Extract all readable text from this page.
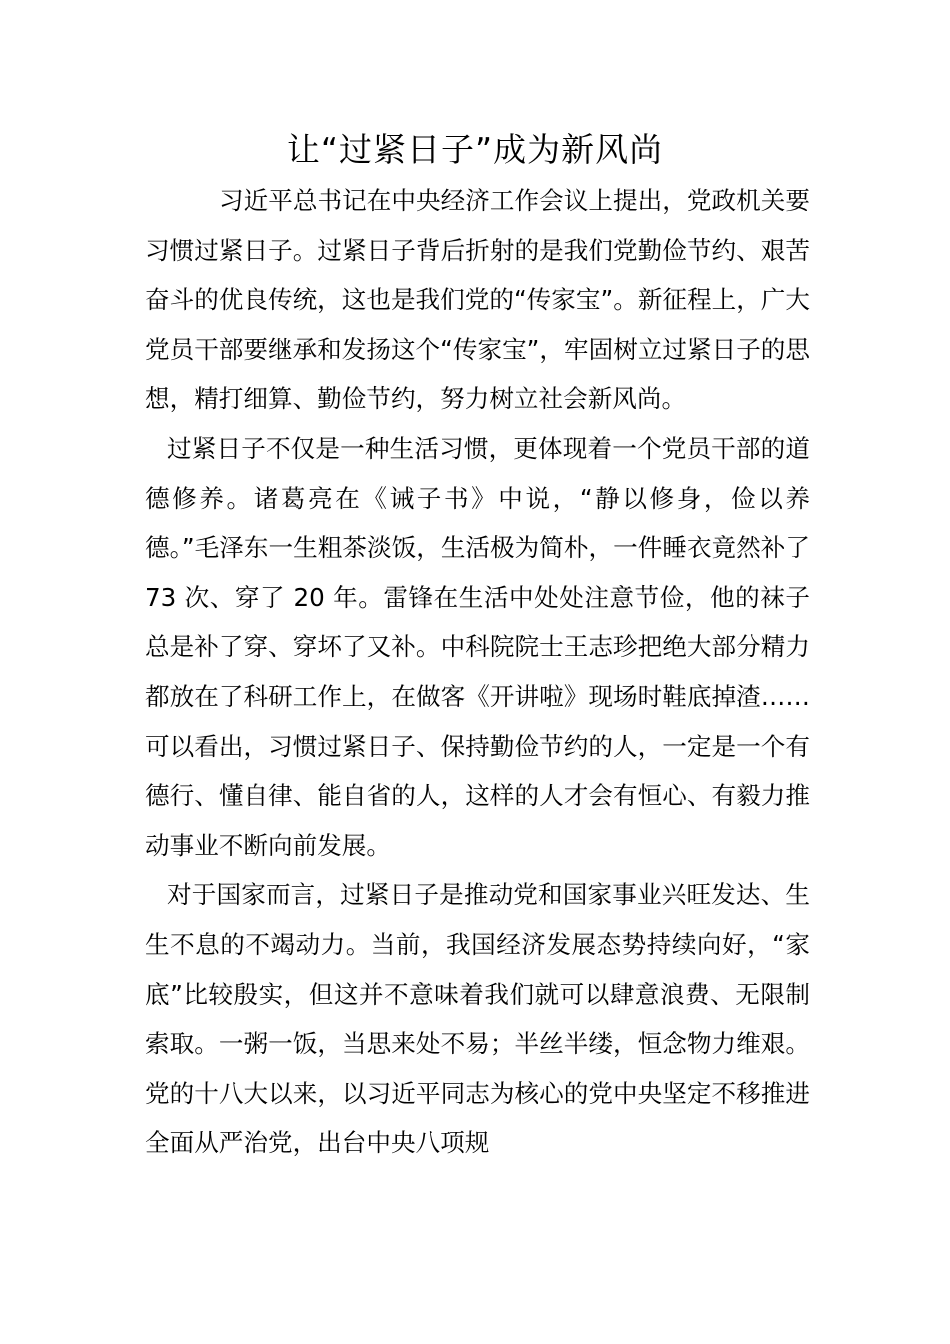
让“过紧日子”成为新风尚

习近平总书记在中央经济工作会议上提出，党政机关要习惯过紧日子。过紧日子背后折射的是我们党勤俭节约、艰苦奋斗的优良传统，这也是我们党的“传家宝”。新征程上，广大党员干部要继承和发扬这个“传家宝”，牢固树立过紧日子的思想，精打细算、勤俭节约，努力树立社会新风尚。

过紧日子不仅是一种生活习惯，更体现着一个党员干部的道德修养。诸葛亮在《诫子书》中说，“静以修身，俭以养德。”毛泽东一生粗茶淡饭，生活极为简朴，一件睡衣竟然补了 73 次、穿了 20 年。雷锋在生活中处处注意节俭，他的袜子总是补了穿、穿坏了又补。中科院院士王志珍把绝大部分精力都放在了科研工作上，在做客《开讲啦》现场时鞋底掉渣……可以看出，习惯过紧日子、保持勤俭节约的人，一定是一个有德行、懂自律、能自省的人，这样的人才会有恒心、有毅力推动事业不断向前发展。

对于国家而言，过紧日子是推动党和国家事业兴旺发达、生生不息的不竭动力。当前，我国经济发展态势持续向好，“家底”比较殷实，但这并不意味着我们就可以肆意浪费、无限制索取。一粥一饭，当思来处不易；半丝半缕，恒念物力维艰。党的十八大以来，以习近平同志为核心的党中央坚定不移推进全面从严治党，出台中央八项规
